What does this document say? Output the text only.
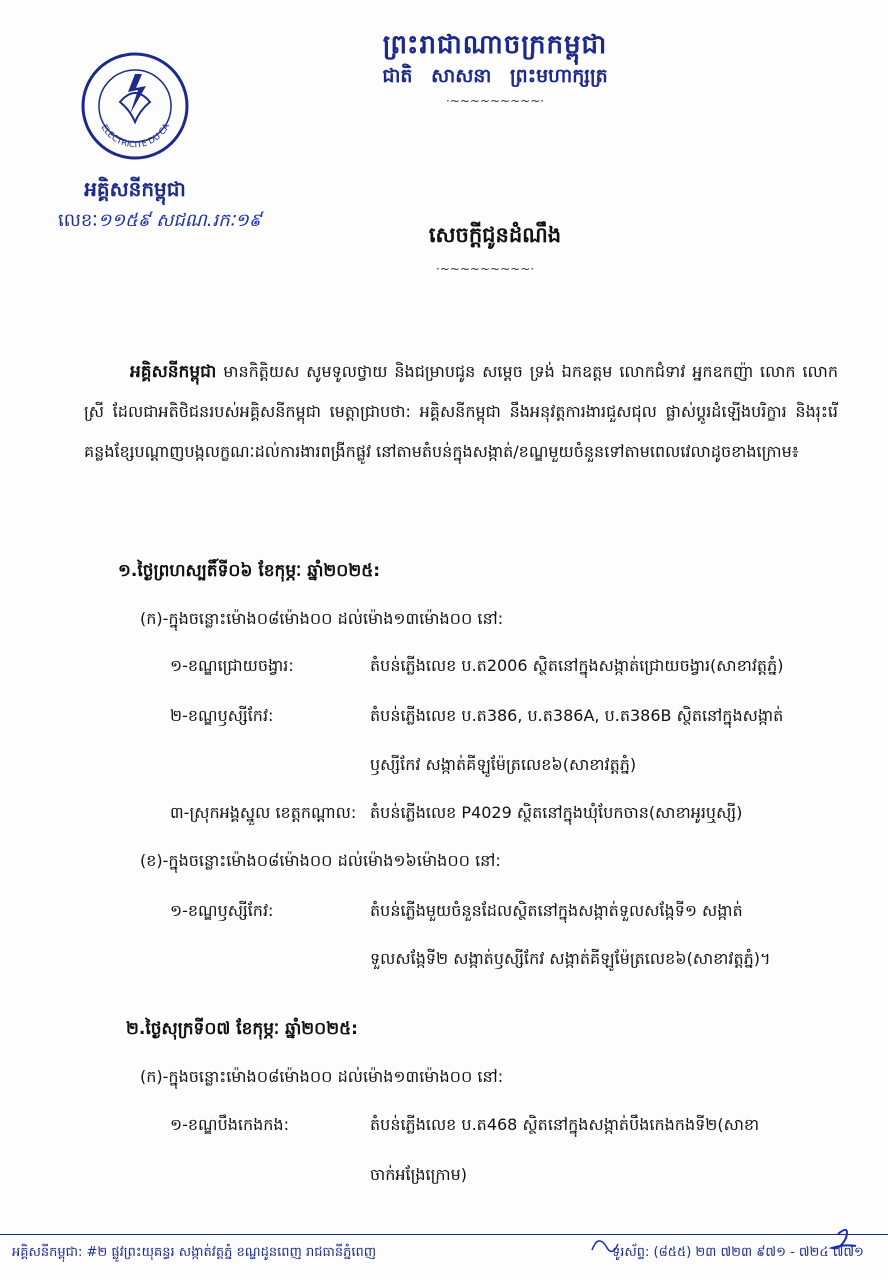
ព្រះរាជាណាចក្រកម្ពុជា
ជាតិ សាសនា ព្រះមហាក្សត្រ
·~~~~~~~~~·
ELECTRICITE DU CA
អគ្គិសនីកម្ពុជា
លេខៈ១១៥៩ សជណ.រកៈ១៩
សេចក្តីជូនដំណឹង
·~~~~~~~~~·
អគ្គិសនីកម្ពុជា មានកិត្តិយស សូមទូលថ្វាយ និងជម្រាបជូន សម្តេច ទ្រង់ ឯកឧត្តម លោកជំទាវ អ្នកឧកញ៉ា លោក លោកស្រី ដែលជាអតិថិជនរបស់អគ្គិសនីកម្ពុជា មេត្តាជ្រាបថា: អគ្គិសនីកម្ពុជា នឹងអនុវត្តការងារជួសជុល ផ្លាស់ប្តូរដំឡើងបរិក្ខារ និងរុះរើគន្លងខ្សែបណ្តាញបង្កលក្ខណៈដល់ការងារពង្រីកផ្លូវ នៅតាមតំបន់ក្នុងសង្កាត់/ខណ្ឌមួយចំនួនទៅតាមពេលវេលាដូចខាងក្រោម៖
១.ថ្ងៃព្រហស្បតិ៍ទី០៦ ខែកុម្ភៈ ឆ្នាំ២០២៥:
(ក)-ក្នុងចន្លោះម៉ោង០៨ម៉ោង០០ ដល់ម៉ោង១៣ម៉ោង០០ នៅ:
១-ខណ្ឌជ្រោយចង្វារ:	តំបន់ភ្លើងលេខ ប.ត2006 ស្ថិតនៅក្នុងសង្កាត់ជ្រោយចង្វារ(សាខាវត្តភ្នំ)
២-ខណ្ឌឫស្សីកែវ:	តំបន់ភ្លើងលេខ ប.ត386, ប.ត386A, ប.ត386B ស្ថិតនៅក្នុងសង្កាត់
ឫស្សីកែវ សង្កាត់គីឡូម៉ែត្រលេខ៦(សាខាវត្តភ្នំ)
៣-ស្រុកអង្គស្នួល ខេត្តកណ្តាល: តំបន់ភ្លើងលេខ P4029 ស្ថិតនៅក្នុងឃុំបែកចាន(សាខាអូរឬស្សី)
(ខ)-ក្នុងចន្លោះម៉ោង០៨ម៉ោង០០ ដល់ម៉ោង១៦ម៉ោង០០ នៅ:
១-ខណ្ឌឫស្សីកែវ:	តំបន់ភ្លើងមួយចំនួនដែលស្ថិតនៅក្នុងសង្កាត់ទួលសង្កែទី១ សង្កាត់
ទួលសង្កែទី២ សង្កាត់ឫស្សីកែវ សង្កាត់គីឡូម៉ែត្រលេខ៦(សាខាវត្តភ្នំ)។
២.ថ្ងៃសុក្រទី០៧ ខែកុម្ភៈ ឆ្នាំ២០២៥:
(ក)-ក្នុងចន្លោះម៉ោង០៨ម៉ោង០០ ដល់ម៉ោង១៣ម៉ោង០០ នៅ:
១-ខណ្ឌបឹងកេងកង:	តំបន់ភ្លើងលេខ ប.ត468 ស្ថិតនៅក្នុងសង្កាត់បឹងកេងកងទី២(សាខា
ចាក់អង្រែក្រោម)
អគ្គិសនីកម្ពុជា: #២ ផ្លូវព្រះយុគន្ធរ សង្កាត់វត្តភ្នំ ខណ្ឌដូនពេញ រាជធានីភ្នំពេញ	ទូរស័ព្ទ: (៨៥៥) ២៣ ៧២៣ ៩៧១ - ៧២៤ ៧៧១
